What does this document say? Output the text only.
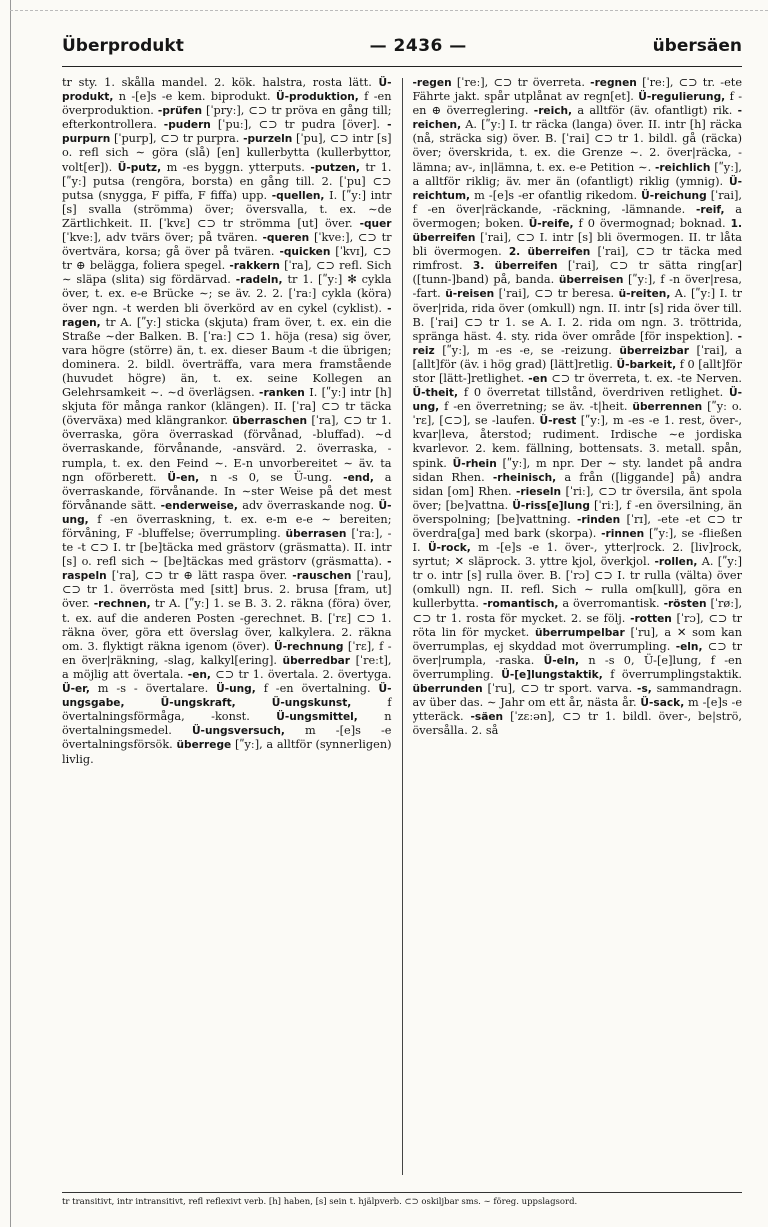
Überprodukt	— 2436 —	übersäen

tr sty. 1. skålla mandel. 2. kök. halstra, rosta lätt. Ü-produkt, n -[e]s -e kem. biprodukt. Ü-produktion, f -en överproduktion. -prüfen [ˈpryː], ⊂⊃ tr pröva en gång till; efterkontrollera. -pudern [ˈpuː], ⊂⊃ tr pudra [över]. -purpurn [ˈpurp], ⊂⊃ tr purpra. -purzeln [ˈpu], ⊂⊃ intr [s] o. refl sich ∼ göra (slå) [en] kullerbytta (kullerbyttor, volt[er]). Ü-putz, m -es byggn. ytterputs. -putzen, tr 1. [ʺyː] putsa (rengöra, borsta) en gång till. 2. [ˈpu] ⊂⊃ putsa (snygga, F piffa, F fiffa) upp. -quellen, I. [ʺyː] intr [s] svalla (strömma) över; översvalla, t. ex. ∼de Zärtlichkeit. II. [ˈkvɛ] ⊂⊃ tr strömma [ut] över. -quer [ˈkveː], adv tvärs över; på tvären. -queren [ˈkveː], ⊂⊃ tr övertvära, korsa; gå över på tvären. -quicken [ˈkvɪ], ⊂⊃ tr ⊕ belägga, foliera spegel. -rakkern [ˈra], ⊂⊃ refl. Sich ∼ släpa (slita) sig fördärvad. -radeln, tr 1. [ʺyː] ✻ cykla över, t. ex. e-e Brücke ∼; se äv. 2. 2. [ˈraː] cykla (köra) över ngn. -t werden bli överkörd av en cykel (cyklist). -ragen, tr A. [ʺyː] sticka (skjuta) fram över, t. ex. ein die Straße ∼der Balken. B. [ˈraː] ⊂⊃ 1. höja (resa) sig över, vara högre (större) än, t. ex. dieser Baum -t die übrigen; dominera. 2. bildl. överträffa, vara mera framstående (huvudet högre) än, t. ex. seine Kollegen an Gelehrsamkeit ∼. ∼d överlägsen. -ranken I. [ʺyː] intr [h] skjuta för många rankor (klängen). II. [ˈra] ⊂⊃ tr täcka (överväxa) med klängrankor. überraschen [ˈra], ⊂⊃ tr 1. överraska, göra överraskad (förvånad, -bluffad). ∼d överraskande, förvånande, -ansvärd. 2. överraska, -rumpla, t. ex. den Feind ∼. E-n unvorbereitet ∼ äv. ta ngn oförberett. Ü-en, n -s 0, se Ü-ung. -end, a överraskande, förvånande. In ∼ster Weise på det mest förvånande sätt. -enderweise, adv överraskande nog. Ü-ung, f -en överraskning, t. ex. e-m e-e ∼ bereiten; förvåning, F -bluffelse; överrumpling. überrasen [ˈraː], -te -t ⊂⊃ I. tr [be]täcka med grästorv (gräsmatta). II. intr [s] o. refl sich ∼ [be]täckas med grästorv (gräsmatta). -raspeln [ˈra], ⊂⊃ tr ⊕ lätt raspa över. -rauschen [ˈrau], ⊂⊃ tr 1. överrösta med [sitt] brus. 2. brusa [fram, ut] över. -rechnen, tr A. [ʺyː] 1. se B. 3. 2. räkna (föra) över, t. ex. auf die anderen Posten -gerechnet. B. [ˈrɛ] ⊂⊃ 1. räkna över, göra ett överslag över, kalkylera. 2. räkna om. 3. flyktigt räkna igenom (över). Ü-rechnung [ˈrɛ], f -en över|räkning, -slag, kalkyl[ering]. überredbar [ˈreːt], a möjlig att övertala. -en, ⊂⊃ tr 1. övertala. 2. övertyga. Ü-er, m -s - övertalare. Ü-ung, f -en övertalning. Ü-ungsgabe, Ü-ungskraft, Ü-ungskunst,	f övertalningsförmåga, -konst. Ü-ungsmittel, n övertalningsmedel. Ü-ungsversuch, m -[e]s -e övertalningsförsök. überrege [ʺyː], a alltför (synnerligen) livlig.

-regen [ˈreː], ⊂⊃ tr överreta. -regnen [ˈreː], ⊂⊃ tr. -ete Fährte jakt. spår utplånat av regn[et]. Ü-regulierung, f -en ⊕ överreglering. -reich, a alltför (äv. ofantligt) rik. -reichen, A. [ʺyː] I. tr räcka (langa) över. II. intr [h] räcka (nå, sträcka sig) över. B. [ˈrai] ⊂⊃ tr 1. bildl. gå (räcka) över; överskrida, t. ex. die Grenze ∼. 2. över|räcka, -lämna; av-, in|lämna, t. ex. e-e Petition ∼. -reichlich [ʺyː], a alltför riklig; äv. mer än (ofantligt) riklig (ymnig). Ü-reichtum, m -[e]s -er ofantlig rikedom. Ü-reichung [ˈrai], f -en över|räckande, -räckning, -lämnande. -reif, a övermogen; boken. Ü-reife, f 0 övermognad; boknad. 1. überreifen [ˈrai], ⊂⊃ I. intr [s] bli övermogen. II. tr låta bli övermogen. 2. überreifen [ˈrai], ⊂⊃ tr täcka med rimfrost. 3. überreifen [ˈrai], ⊂⊃ tr sätta ring[ar] ([tunn-]band) på, banda. überreisen [ʺyː], f -n över|resa, -fart. ü-reisen [ˈrai], ⊂⊃ tr beresa. ü-reiten, A. [ʺyː] I. tr över|rida, rida över (omkull) ngn. II. intr [s] rida över till. B. [ˈrai] ⊂⊃ tr 1. se A. I. 2. rida om ngn. 3. tröttrida, spränga häst. 4. sty. rida över område [för inspektion]. -reiz [ʺyː], m -es -e, se -reizung. überreizbar [ˈrai], a [allt]för (äv. i hög grad) [lätt]retlig. Ü-barkeit, f 0 [allt]för stor [lätt-]retlighet. -en ⊂⊃ tr överreta, t. ex. -te Nerven. Ü-theit, f 0 överretat tillstånd, överdriven retlighet. Ü-ung, f -en överretning; se äv. -t|heit. überrennen [ʺyː o. ˈrɛ], [⊂⊃], se -laufen. Ü-rest [ʺyː], m -es -e 1. rest, över-, kvar|leva, återstod; rudiment. Irdische ∼e jordiska kvarlevor. 2. kem. fällning, bottensats. 3. metall. spån, spink. Ü-rhein [ʺyː], m npr. Der ∼ sty. landet på andra sidan Rhen. -rheinisch, a från ([liggande] på) andra sidan [om] Rhen. -rieseln [ˈriː], ⊂⊃ tr översila, änt spola över; [be]vattna. Ü-riss[e]lung [ˈriː], f -en översilning, än överspolning; [be]vattning. -rinden [ˈrɪ], -ete -et ⊂⊃ tr överdra[ga] med bark (skorpa). -rinnen [ʺyː], se -fließen I. Ü-rock, m -[e]s -e 1. över-, ytter|rock. 2. [liv]rock, syrtut; ✕ släprock. 3. yttre kjol, överkjol. -rollen, A. [ʺyː] tr o. intr [s] rulla över. B. [ˈrɔ] ⊂⊃ I. tr rulla (välta) över (omkull) ngn. II. refl. Sich ∼ rulla om[kull], göra en kullerbytta. -romantisch, a överromantisk. -rösten [ˈrøː], ⊂⊃ tr 1. rosta för mycket. 2. se följ. -rotten [ˈrɔ], ⊂⊃ tr röta lin för mycket. überrumpelbar [ˈru], a ✕ som kan överrumplas, ej skyddad mot överrumpling. -eln, ⊂⊃ tr över|rumpla, -raska. Ü-eln, n -s 0, Ü-[e]lung, f -en överrumpling. Ü-[e]lungstaktik, f överrumplingstaktik. überrunden [ˈru], ⊂⊃ tr sport. varva. -s, sammandragn. av über das. ∼ Jahr om ett år, nästa år. Ü-sack, m -[e]s -e ytteräck. -säen [ˈzɛːən], ⊂⊃ tr 1. bildl. över-, be|strö, översålla. 2. så

tr transitivt, intr intransitivt, refl reflexivt verb. [h] haben, [s] sein t. hjälpverb. ⊂⊃ oskiljbar sms. ∼ föreg. uppslagsord.
